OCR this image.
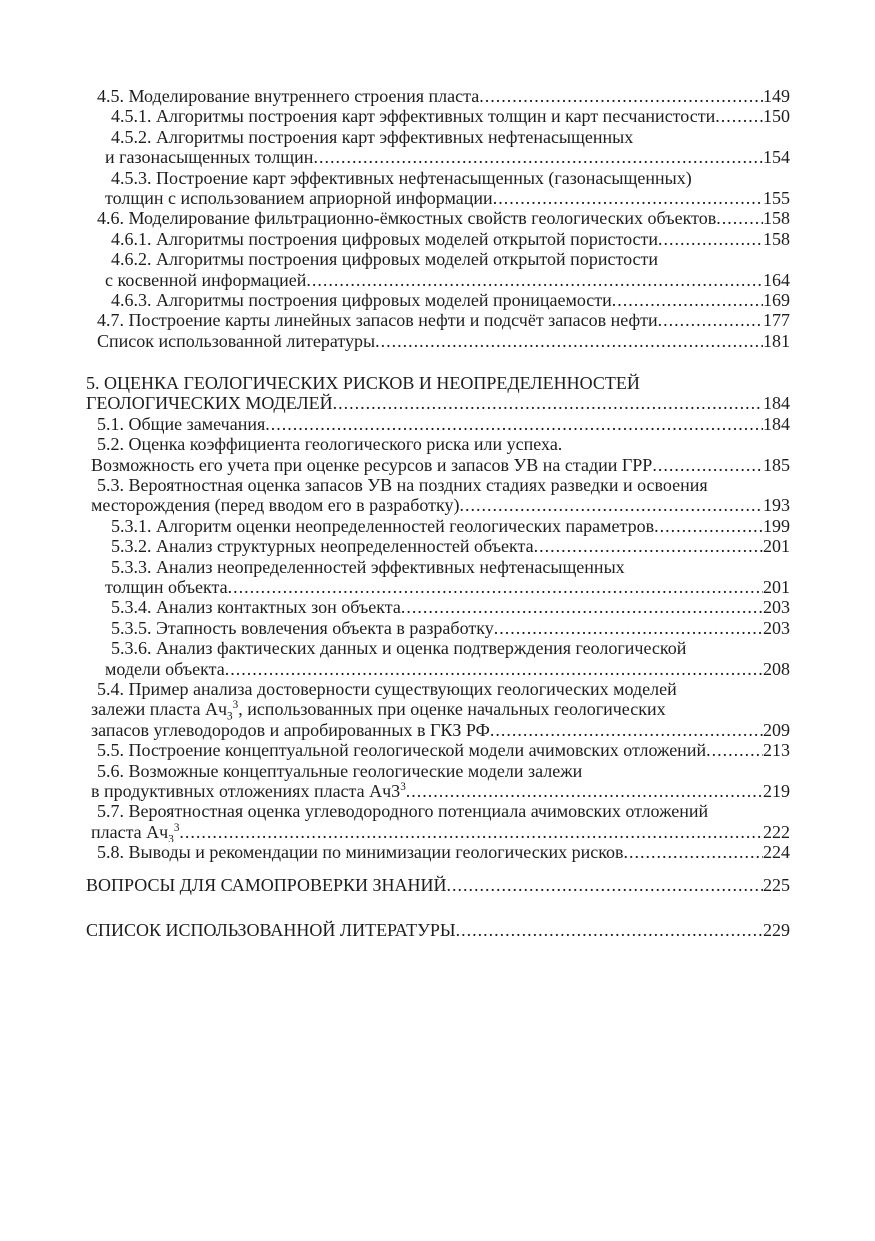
4.5. Моделирование внутреннего строения пласта .....	149
4.5.1. Алгоритмы построения карт эффективных толщин и карт песчанистости .....	150
4.5.2. Алгоритмы построения карт эффективных нефтенасыщенных
и газонасыщенных толщин .....	154
4.5.3. Построение карт эффективных нефтенасыщенных (газонасыщенных)
толщин с использованием априорной информации .....	155
4.6. Моделирование фильтрационно-ёмкостных свойств геологических объектов .....	158
4.6.1. Алгоритмы построения цифровых моделей открытой пористости .....	158
4.6.2. Алгоритмы построения цифровых моделей открытой пористости
с косвенной информацией .....	164
4.6.3. Алгоритмы построения цифровых моделей проницаемости .....	169
4.7. Построение карты линейных запасов нефти и подсчёт запасов нефти .....	177
Список использованной литературы .....	181
5. ОЦЕНКА ГЕОЛОГИЧЕСКИХ РИСКОВ И НЕОПРЕДЕЛЕННОСТЕЙ
ГЕОЛОГИЧЕСКИХ МОДЕЛЕЙ .....	184
5.1. Общие замечания .....	184
5.2. Оценка коэффициента геологического риска или успеха.
Возможность его учета при оценке ресурсов и запасов УВ на стадии ГРР .....	185
5.3. Вероятностная оценка запасов УВ на поздних стадиях разведки и освоения
месторождения (перед вводом его в разработку) .....	193
5.3.1. Алгоритм оценки неопределенностей геологических параметров .....	199
5.3.2. Анализ структурных неопределенностей объекта .....	201
5.3.3. Анализ неопределенностей эффективных нефтенасыщенных
толщин объекта .....	201
5.3.4. Анализ контактных зон объекта .....	203
5.3.5. Этапность вовлечения объекта в разработку .....	203
5.3.6. Анализ фактических данных и оценка подтверждения геологической
модели объекта .....	208
5.4. Пример анализа достоверности существующих геологических моделей
залежи пласта $Ач_3^3$, использованных при оценке начальных геологических
запасов углеводородов и апробированных в ГКЗ РФ .....	209
5.5. Построение концептуальной геологической модели ачимовских отложений .....	213
5.6. Возможные концептуальные геологические модели залежи
в продуктивных отложениях пласта $Ач3^3$ .....	219
5.7. Вероятностная оценка углеводородного потенциала ачимовских отложений
пласта $Ач_3^3$ .....	222
5.8. Выводы и рекомендации по минимизации геологических рисков .....	224
ВОПРОСЫ ДЛЯ САМОПРОВЕРКИ ЗНАНИЙ .....	225
СПИСОК ИСПОЛЬЗОВАННОЙ ЛИТЕРАТУРЫ .....	229
